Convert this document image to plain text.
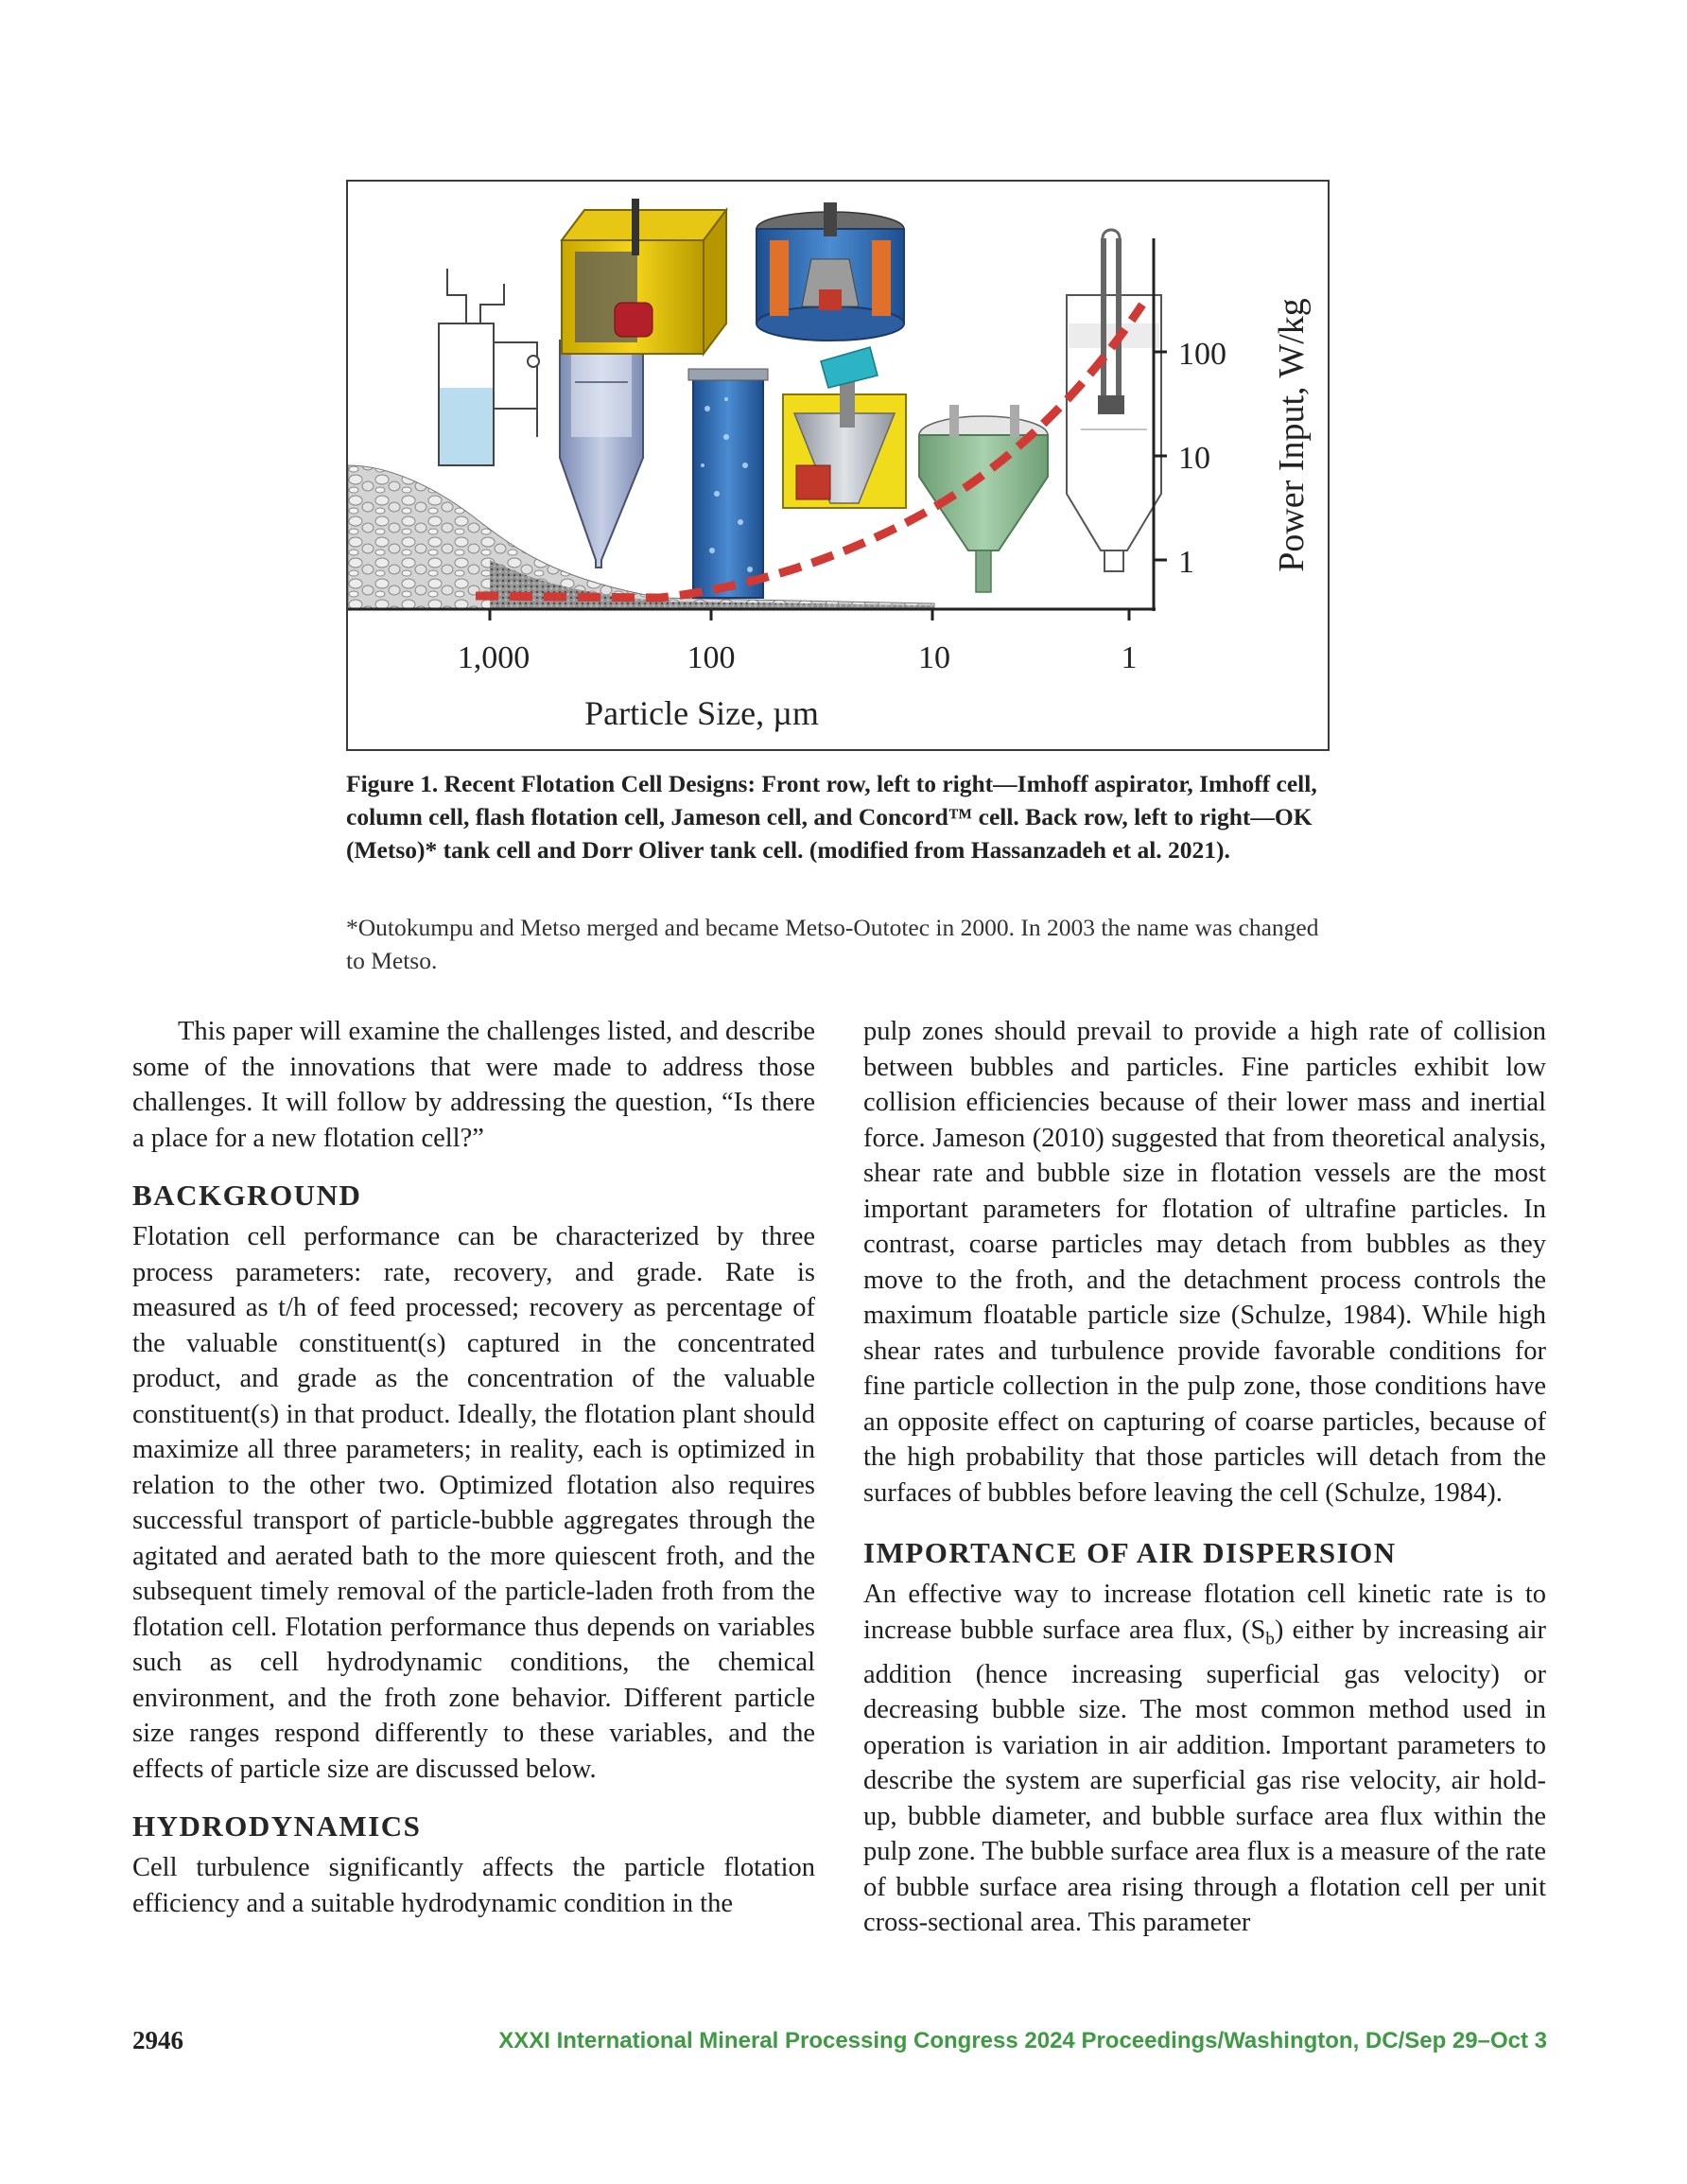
1,000	100	10	1
Particle Size, µm
100
10
1 Power Input, W/kg
Figure 1. Recent Flotation Cell Designs: Front row, left to right—Imhoff aspirator, Imhoff cell, column cell, flash flotation cell, Jameson cell, and Concord™ cell. Back row, left to right—OK (Metso)* tank cell and Dorr Oliver tank cell. (modified from Hassanzadeh et al. 2021).
*Outokumpu and Metso merged and became Metso-Outotec in 2000. In 2003 the name was changed to Metso.

This paper will examine the challenges listed, and describe some of the innovations that were made to address those challenges. It will follow by addressing the question, “Is there a place for a new flotation cell?”

BACKGROUND

Flotation cell performance can be characterized by three process parameters: rate, recovery, and grade. Rate is measured as t/h of feed processed; recovery as percentage of the valuable constituent(s) captured in the concentrated product, and grade as the concentration of the valuable constituent(s) in that product. Ideally, the flotation plant should maximize all three parameters; in reality, each is optimized in relation to the other two. Optimized flotation also requires successful transport of particle-bubble aggregates through the agitated and aerated bath to the more quiescent froth, and the subsequent timely removal of the particle-laden froth from the flotation cell. Flotation performance thus depends on variables such as cell hydrodynamic conditions, the chemical environment, and the froth zone behavior. Different particle size ranges respond differently to these variables, and the effects of particle size are discussed below.

HYDRODYNAMICS

Cell turbulence significantly affects the particle flotation efficiency and a suitable hydrodynamic condition in the

pulp zones should prevail to provide a high rate of collision between bubbles and particles. Fine particles exhibit low collision efficiencies because of their lower mass and inertial force. Jameson (2010) suggested that from theoretical analysis, shear rate and bubble size in flotation vessels are the most important parameters for flotation of ultrafine particles. In contrast, coarse particles may detach from bubbles as they move to the froth, and the detachment process controls the maximum floatable particle size (Schulze, 1984). While high shear rates and turbulence provide favorable conditions for fine particle collection in the pulp zone, those conditions have an opposite effect on capturing of coarse particles, because of the high probability that those particles will detach from the surfaces of bubbles before leaving the cell (Schulze, 1984).

IMPORTANCE OF AIR DISPERSION

An effective way to increase flotation cell kinetic rate is to increase bubble surface area flux, $(S_b)$ either by increasing air addition (hence increasing superficial gas velocity) or decreasing bubble size. The most common method used in operation is variation in air addition. Important parameters to describe the system are superficial gas rise velocity, air hold-up, bubble diameter, and bubble surface area flux within the pulp zone. The bubble surface area flux is a measure of the rate of bubble surface area rising through a flotation cell per unit cross-sectional area. This parameter

2946	XXXI International Mineral Processing Congress 2024 Proceedings/Washington, DC/Sep 29–Oct 3
